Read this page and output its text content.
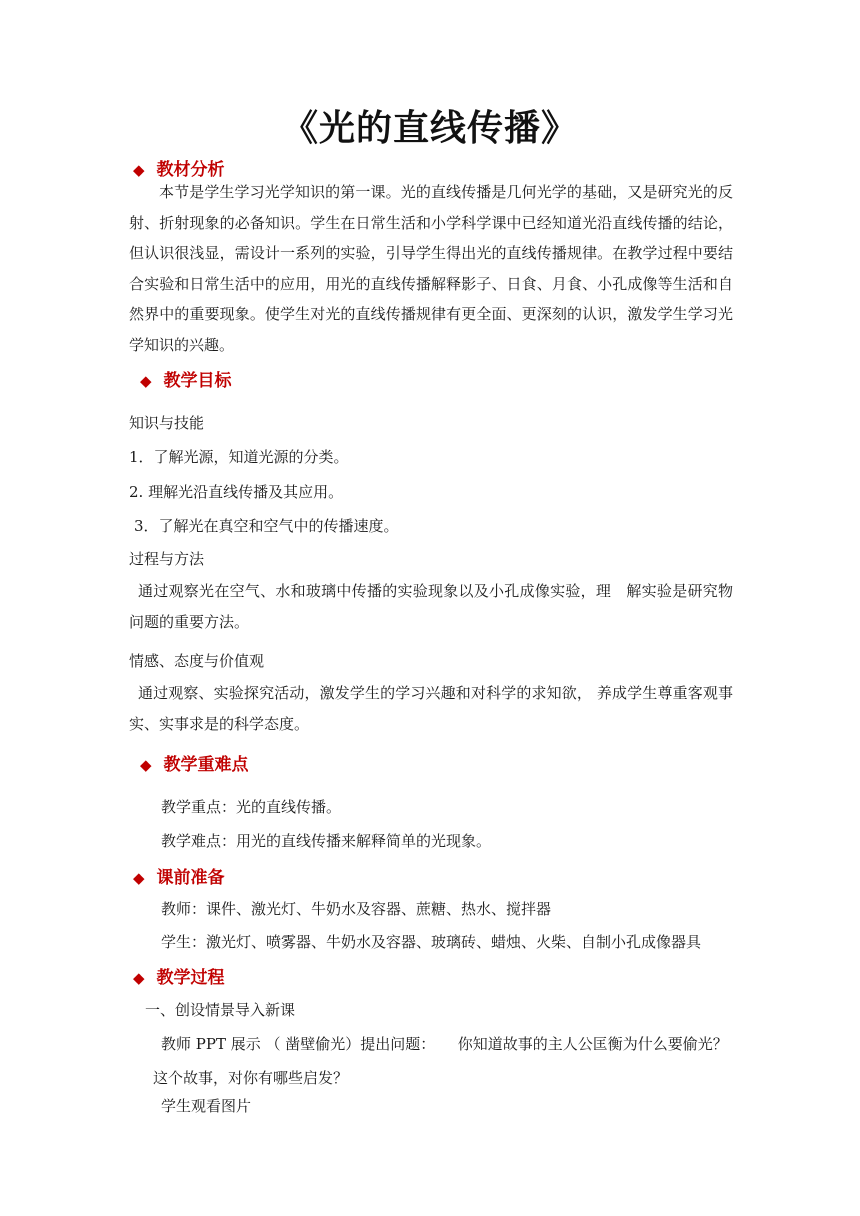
《光的直线传播》
◆ 教材分析
本节是学生学习光学知识的第一课。光的直线传播是几何光学的基础，又是研究光的反射、折射现象的必备知识。学生在日常生活和小学科学课中已经知道光沿直线传播的结论，但认识很浅显，需设计一系列的实验，引导学生得出光的直线传播规律。在教学过程中要结合实验和日常生活中的应用，用光的直线传播解释影子、日食、月食、小孔成像等生活和自然界中的重要现象。使学生对光的直线传播规律有更全面、更深刻的认识，激发学生学习光学知识的兴趣。
◆ 教学目标
知识与技能
1．了解光源，知道光源的分类。
2. 理解光沿直线传播及其应用。
3．了解光在真空和空气中的传播速度。
过程与方法
通过观察光在空气、水和玻璃中传播的实验现象以及小孔成像实验，理　解实验是研究物问题的重要方法。
情感、态度与价值观
通过观察、实验探究活动，激发学生的学习兴趣和对科学的求知欲， 养成学生尊重客观事实、实事求是的科学态度。
◆ 教学重难点
教学重点：光的直线传播。
教学难点：用光的直线传播来解释简单的光现象。
◆ 课前准备
教师：课件、激光灯、牛奶水及容器、蔗糖、热水、搅拌器
学生：激光灯、喷雾器、牛奶水及容器、玻璃砖、蜡烛、火柴、自制小孔成像器具
◆ 教学过程
一、创设情景导入新课
教师 PPT 展示 （ 凿壁偷光）提出问题：　　你知道故事的主人公匡衡为什么要偷光？
这个故事，对你有哪些启发？
学生观看图片
